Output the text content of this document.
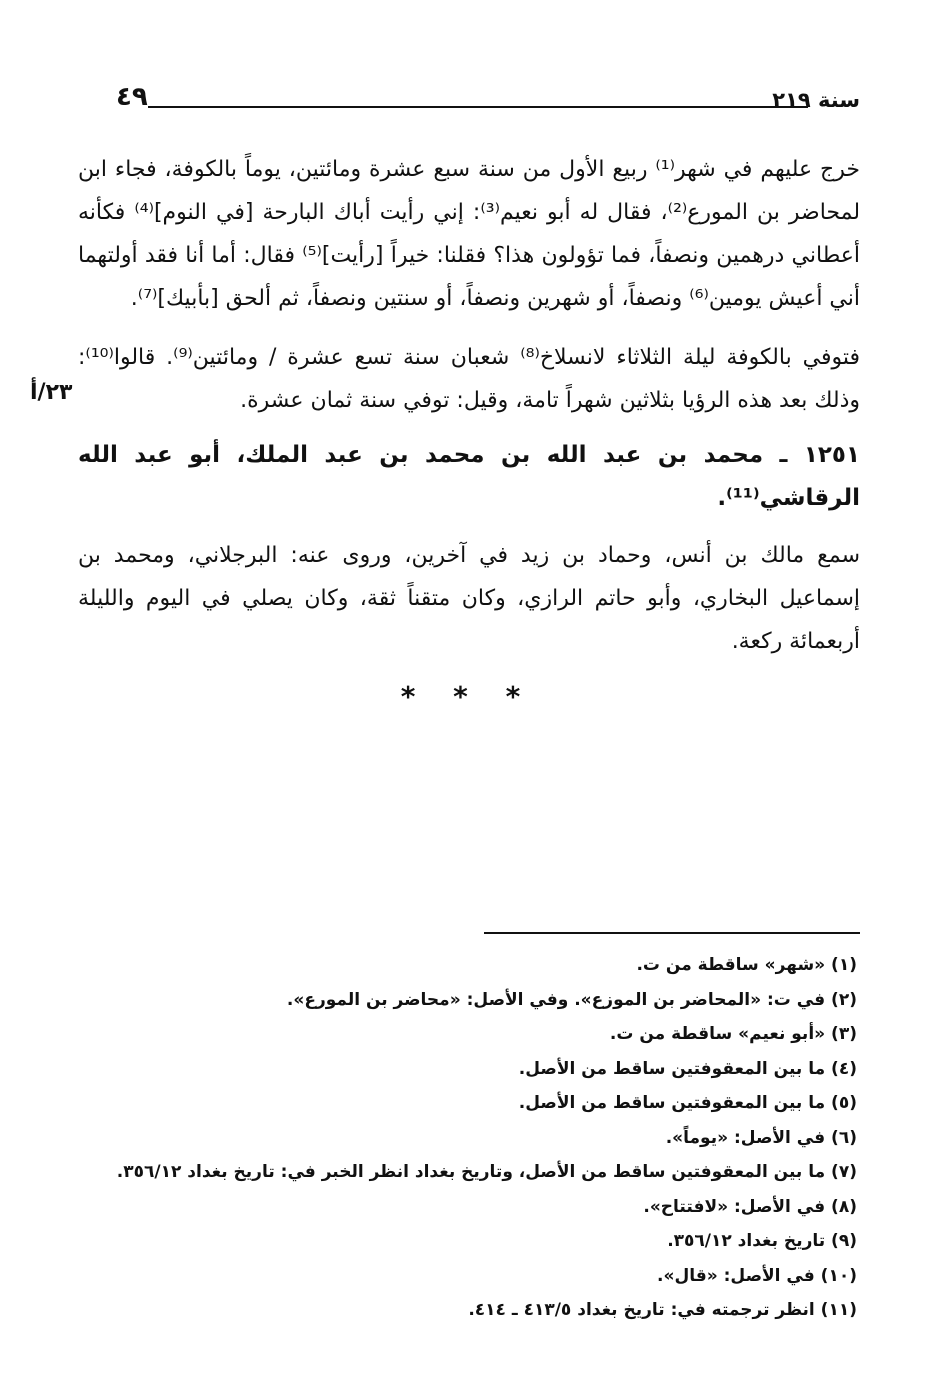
٤٩	سنة ٢١٩
٢٣/أ

خرج عليهم في شهر⁽¹⁾ ربيع الأول من سنة سبع عشرة ومائتين، يوماً بالكوفة، فجاء ابن لمحاضر بن المورع⁽²⁾، فقال له أبو نعيم⁽³⁾: إني رأيت أباك البارحة [في النوم]⁽⁴⁾ فكأنه أعطاني درهمين ونصفاً، فما تؤولون هذا؟ فقلنا: خيراً [رأيت]⁽⁵⁾ فقال: أما أنا فقد أولتهما أني أعيش يومين⁽⁶⁾ ونصفاً، أو شهرين ونصفاً، أو سنتين ونصفاً، ثم ألحق [بأبيك]⁽⁷⁾.

فتوفي بالكوفة ليلة الثلاثاء لانسلاخ⁽⁸⁾ شعبان سنة تسع عشرة / ومائتين⁽⁹⁾. قالوا⁽¹⁰⁾: وذلك بعد هذه الرؤيا بثلاثين شهراً تامة، وقيل: توفي سنة ثمان عشرة.

١٢٥١ ـ محمد بن عبد الله بن محمد بن عبد الملك، أبو عبد الله الرقاشي⁽¹¹⁾.

سمع مالك بن أنس، وحماد بن زيد في آخرين، وروى عنه: البرجلاني، ومحمد بن إسماعيل البخاري، وأبو حاتم الرازي، وكان متقناً ثقة، وكان يصلي في اليوم والليلة أربعمائة ركعة.

* * *
(١) «شهر» ساقطة من ت.
(٢) في ت: «المحاضر بن الموزع». وفي الأصل: «محاضر بن المورع».
(٣) «أبو نعيم» ساقطة من ت.
(٤) ما بين المعقوفتين ساقط من الأصل.
(٥) ما بين المعقوفتين ساقط من الأصل.
(٦) في الأصل: «يوماً».
(٧) ما بين المعقوفتين ساقط من الأصل، وتاريخ بغداد انظر الخبر في: تاريخ بغداد ٣٥٦/١٢.
(٨) في الأصل: «لافتتاح».
(٩) تاريخ بغداد ٣٥٦/١٢.
(١٠) في الأصل: «قال».
(١١) انظر ترجمته في: تاريخ بغداد ٤١٣/٥ ـ ٤١٤.
